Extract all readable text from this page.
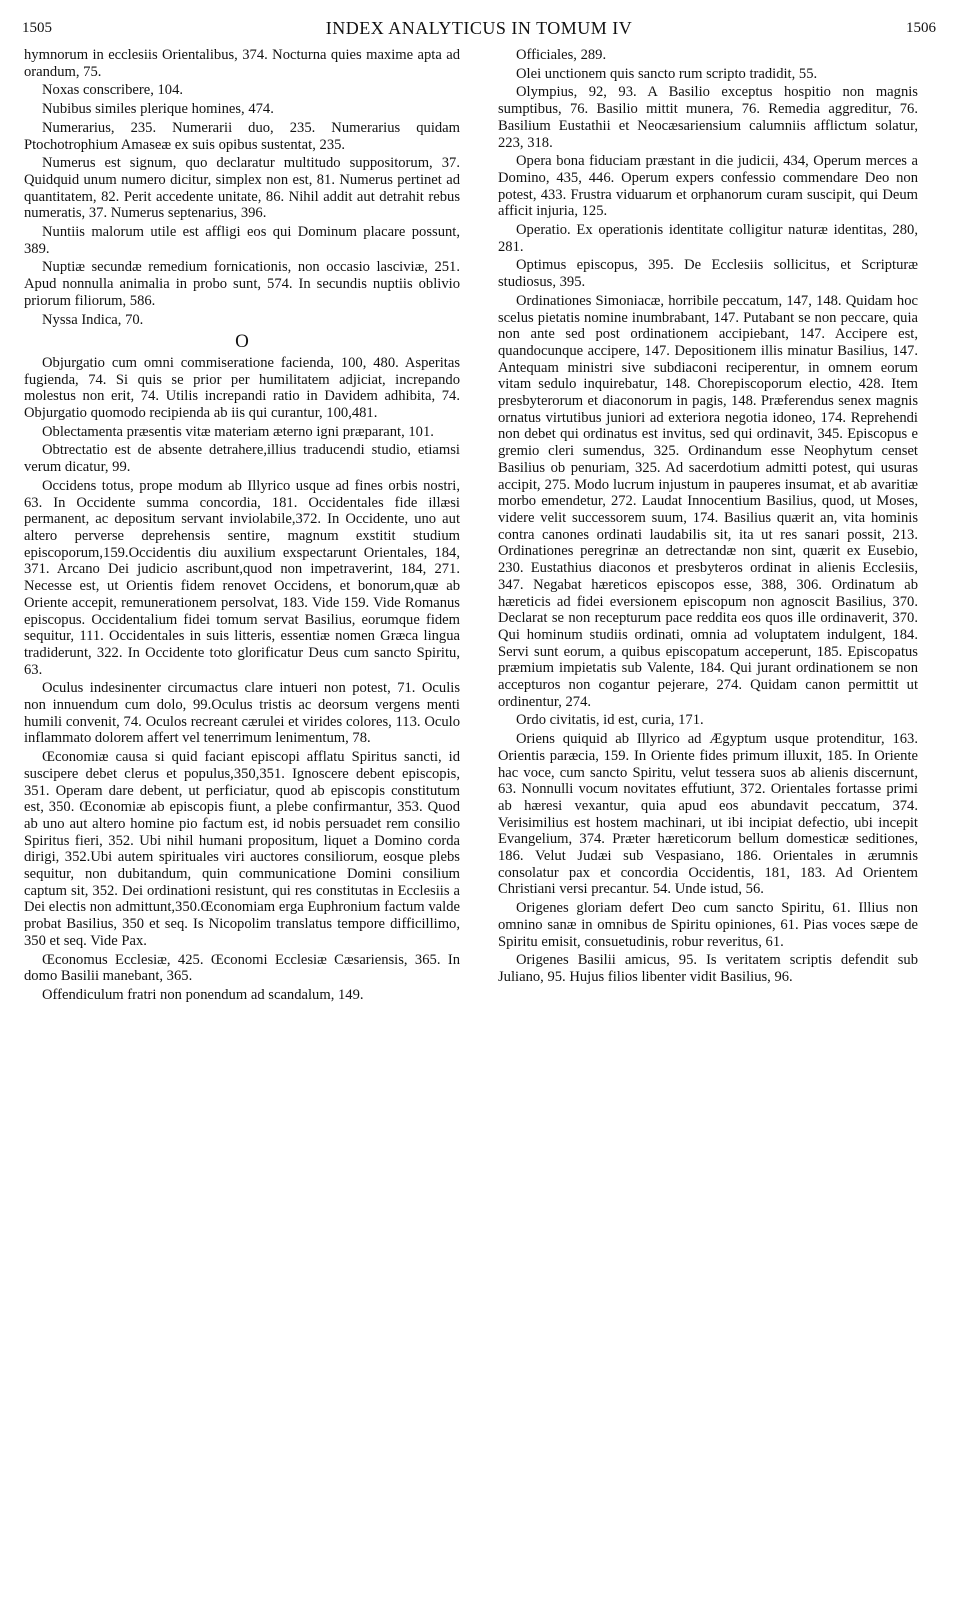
1505	INDEX ANALYTICUS IN TOMUM IV	1506

hymnorum in ecclesiis Orientalibus, 374. Nocturna quies maxime apta ad orandum, 75.

Noxas conscribere, 104.

Nubibus similes plerique homines, 474.

Numerarius, 235. Numerarii duo, 235. Numerarius quidam Ptochotrophium Amaseæ ex suis opibus sustentat, 235.

Numerus est signum, quo declaratur multitudo suppositorum, 37. Quidquid unum numero dicitur, simplex non est, 81. Numerus pertinet ad quantitatem, 82. Perit accedente unitate, 86. Nihil addit aut detrahit rebus numeratis, 37. Numerus septenarius, 396.

Nuntiis malorum utile est affligi eos qui Dominum placare possunt, 389.

Nuptiæ secundæ remedium fornicationis, non occasio lasciviæ, 251. Apud nonnulla animalia in probo sunt, 574. In secundis nuptiis oblivio priorum filiorum, 586.

Nyssa Indica, 70.

O

Objurgatio cum omni commiseratione facienda, 100, 480. Asperitas fugienda, 74. Si quis se prior per humilitatem adjiciat, increpando molestus non erit, 74. Utilis increpandi ratio in Davidem adhibita, 74. Objurgatio quomodo recipienda ab iis qui curantur, 100,481.

Oblectamenta præsentis vitæ materiam æterno igni præparant, 101.

Obtrectatio est de absente detrahere,illius traducendi studio, etiamsi verum dicatur, 99.

Occidens totus, prope modum ab Illyrico usque ad fines orbis nostri, 63. In Occidente summa concordia, 181. Occidentales fide illæsi permanent, ac depositum servant inviolabile,372. In Occidente, uno aut altero perverse deprehensis sentire, magnum exstitit studium episcoporum,159.Occidentis diu auxilium exspectarunt Orientales, 184, 371. Arcano Dei judicio ascribunt,quod non impetraverint, 184, 271. Necesse est, ut Orientis fidem renovet Occidens, et bonorum,quæ ab Oriente accepit, remunerationem persolvat, 183. Vide 159. Vide Romanus episcopus. Occidentalium fidei tomum servat Basilius, eorumque fidem sequitur, 111. Occidentales in suis litteris, essentiæ nomen Græca lingua tradiderunt, 322. In Occidente toto glorificatur Deus cum sancto Spiritu, 63.

Oculus indesinenter circumactus clare intueri non potest, 71. Oculis non innuendum cum dolo, 99.Oculus tristis ac deorsum vergens menti humili convenit, 74. Oculos recreant cærulei et virides colores, 113. Oculo inflammato dolorem affert vel tenerrimum lenimentum, 78.

Œconomiæ causa si quid faciant episcopi afflatu Spiritus sancti, id suscipere debet clerus et populus,350,351. Ignoscere debent episcopis, 351. Operam dare debent, ut perficiatur, quod ab episcopis constitutum est, 350. Œconomiæ ab episcopis fiunt, a plebe confirmantur, 353. Quod ab uno aut altero homine pio factum est, id nobis persuadet rem consilio Spiritus fieri, 352. Ubi nihil humani propositum, liquet a Domino corda dirigi, 352.Ubi autem spirituales viri auctores consiliorum, eosque plebs sequitur, non dubitandum, quin communicatione Domini consilium captum sit, 352. Dei ordinationi resistunt, qui res constitutas in Ecclesiis a Dei electis non admittunt,350.Œconomiam erga Euphronium factum valde probat Basilius, 350 et seq. Is Nicopolim translatus tempore difficillimo, 350 et seq. Vide Pax.

Œconomus Ecclesiæ, 425. Œconomi Ecclesiæ Cæsariensis, 365. In domo Basilii manebant, 365.

Offendiculum fratri non ponendum ad scandalum, 149.

Officiales, 289.

Olei unctionem quis sancto rum scripto tradidit, 55.

Olympius, 92, 93. A Basilio exceptus hospitio non magnis sumptibus, 76. Basilio mittit munera, 76. Remedia aggreditur, 76. Basilium Eustathii et Neocæsariensium calumniis afflictum solatur, 223, 318.

Opera bona fiduciam præstant in die judicii, 434, Operum merces a Domino, 435, 446. Operum expers confessio commendare Deo non potest, 433. Frustra viduarum et orphanorum curam suscipit, qui Deum afficit injuria, 125.

Operatio. Ex operationis identitate colligitur naturæ identitas, 280, 281.

Optimus episcopus, 395. De Ecclesiis sollicitus, et Scripturæ studiosus, 395.

Ordinationes Simoniacæ, horribile peccatum, 147, 148. Quidam hoc scelus pietatis nomine inumbrabant, 147. Putabant se non peccare, quia non ante sed post ordinationem accipiebant, 147. Accipere est, quandocunque accipere, 147. Depositionem illis minatur Basilius, 147. Antequam ministri sive subdiaconi reciperentur, in omnem eorum vitam sedulo inquirebatur, 148. Chorepiscoporum electio, 428. Item presbyterorum et diaconorum in pagis, 148. Præferendus senex magnis ornatus virtutibus juniori ad exteriora negotia idoneo, 174. Reprehendi non debet qui ordinatus est invitus, sed qui ordinavit, 345. Episcopus e gremio cleri sumendus, 325. Ordinandum esse Neophytum censet Basilius ob penuriam, 325. Ad sacerdotium admitti potest, qui usuras accipit, 275. Modo lucrum injustum in pauperes insumat, et ab avaritiæ morbo emendetur, 272. Laudat Innocentium Basilius, quod, ut Moses, videre velit successorem suum, 174. Basilius quærit an, vita hominis contra canones ordinati laudabilis sit, ita ut res sanari possit, 213. Ordinationes peregrinæ an detrectandæ non sint, quærit ex Eusebio, 230. Eustathius diaconos et presbyteros ordinat in alienis Ecclesiis, 347. Negabat hæreticos episcopos esse, 388, 306. Ordinatum ab hæreticis ad fidei eversionem episcopum non agnoscit Basilius, 370. Declarat se non recepturum pace reddita eos quos ille ordinaverit, 370. Qui hominum studiis ordinati, omnia ad voluptatem indulgent, 184. Servi sunt eorum, a quibus episcopatum acceperunt, 185. Episcopatus præmium impietatis sub Valente, 184. Qui jurant ordinationem se non accepturos non cogantur pejerare, 274. Quidam canon permittit ut ordinentur, 274.

Ordo civitatis, id est, curia, 171.

Oriens quiquid ab Illyrico ad Ægyptum usque protenditur, 163. Orientis paræcia, 159. In Oriente fides primum illuxit, 185. In Oriente hac voce, cum sancto Spiritu, velut tessera suos ab alienis discernunt, 63. Nonnulli vocum novitates effutiunt, 372. Orientales fortasse primi ab hæresi vexantur, quia apud eos abundavit peccatum, 374. Verisimilius est hostem machinari, ut ibi incipiat defectio, ubi incepit Evangelium, 374. Præter hæreticorum bellum domesticæ seditiones, 186. Velut Judæi sub Vespasiano, 186. Orientales in ærumnis consolatur pax et concordia Occidentis, 181, 183. Ad Orientem Christiani versi precantur. 54. Unde istud, 56.

Origenes gloriam defert Deo cum sancto Spiritu, 61. Illius non omnino sanæ in omnibus de Spiritu opiniones, 61. Pias voces sæpe de Spiritu emisit, consuetudinis, robur reveritus, 61.

Origenes Basilii amicus, 95. Is veritatem scriptis defendit sub Juliano, 95. Hujus filios libenter vidit Basilius, 96.
